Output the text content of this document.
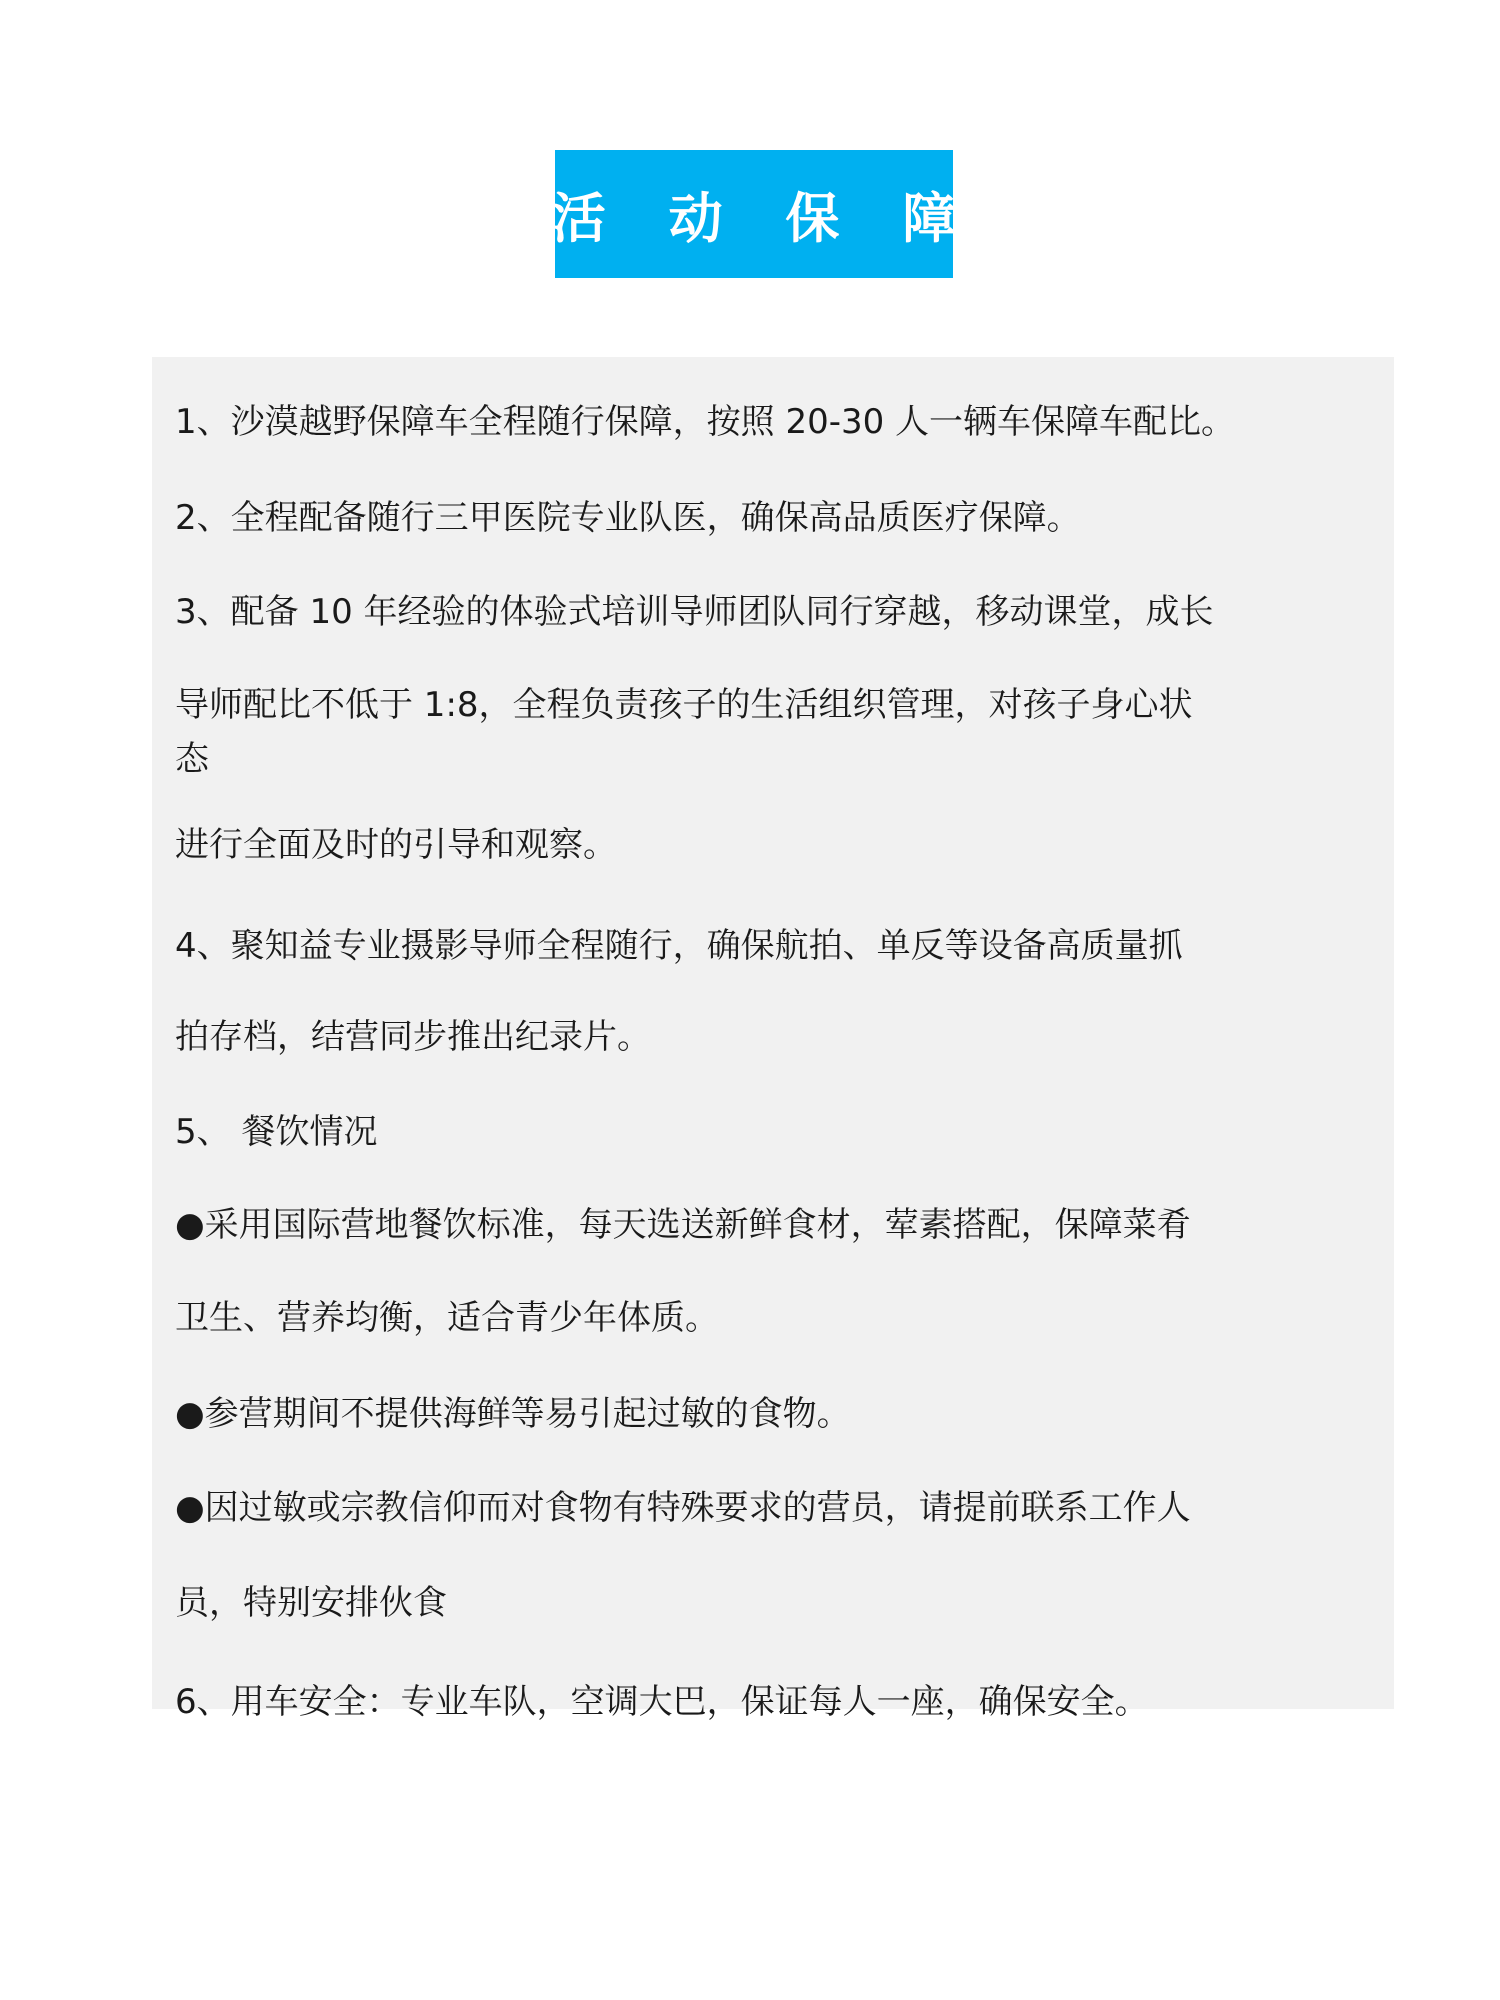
活 动 保 障

1、沙漠越野保障车全程随行保障，按照 20-30 人一辆车保障车配比。

2、全程配备随行三甲医院专业队医，确保高品质医疗保障。

3、配备 10 年经验的体验式培训导师团队同行穿越，移动课堂，成长

导师配比不低于 1:8，全程负责孩子的生活组织管理，对孩子身心状

态

进行全面及时的引导和观察。

4、聚知益专业摄影导师全程随行，确保航拍、单反等设备高质量抓

拍存档，结营同步推出纪录片。

5、 餐饮情况

●采用国际营地餐饮标准，每天选送新鲜食材，荤素搭配，保障菜肴

卫生、营养均衡，适合青少年体质。

●参营期间不提供海鲜等易引起过敏的食物。

●因过敏或宗教信仰而对食物有特殊要求的营员，请提前联系工作人

员，特别安排伙食

6、用车安全：专业车队，空调大巴，保证每人一座，确保安全。
